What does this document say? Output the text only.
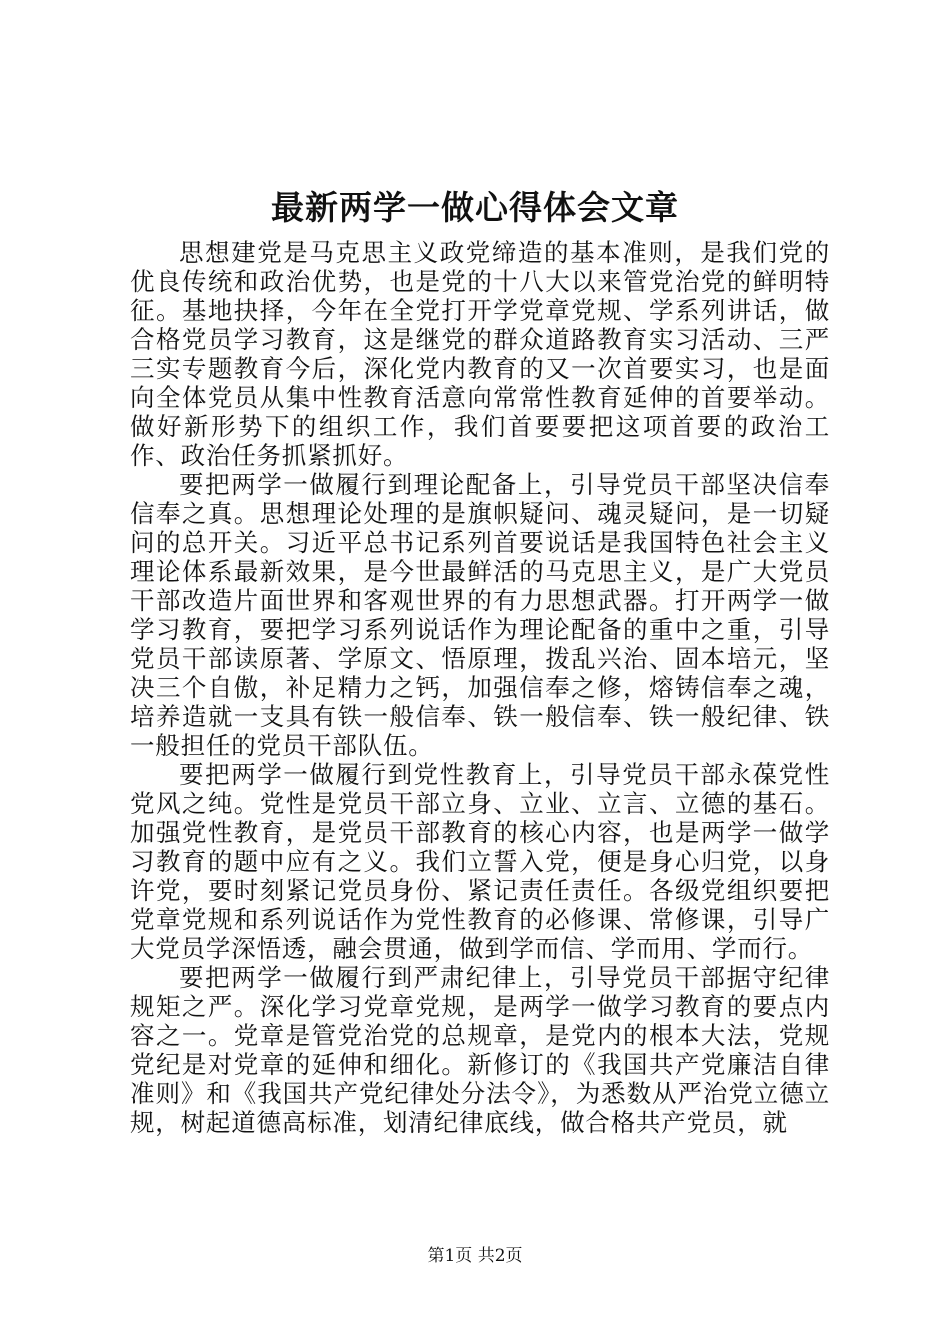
最新两学一做心得体会文章

思想建党是马克思主义政党缔造的基本准则，是我们党的优良传统和政治优势，也是党的十八大以来管党治党的鲜明特征。基地抉择，今年在全党打开学党章党规、学系列讲话，做合格党员学习教育，这是继党的群众道路教育实习活动、三严三实专题教育今后，深化党内教育的又一次首要实习，也是面向全体党员从集中性教育活意向常常性教育延伸的首要举动。做好新形势下的组织工作，我们首要要把这项首要的政治工作、政治任务抓紧抓好。

要把两学一做履行到理论配备上，引导党员干部坚决信奉信奉之真。思想理论处理的是旗帜疑问、魂灵疑问，是一切疑问的总开关。习近平总书记系列首要说话是我国特色社会主义理论体系最新效果，是今世最鲜活的马克思主义，是广大党员干部改造片面世界和客观世界的有力思想武器。打开两学一做学习教育，要把学习系列说话作为理论配备的重中之重，引导党员干部读原著、学原文、悟原理，拨乱兴治、固本培元，坚决三个自傲，补足精力之钙，加强信奉之修，熔铸信奉之魂，培养造就一支具有铁一般信奉、铁一般信奉、铁一般纪律、铁一般担任的党员干部队伍。

要把两学一做履行到党性教育上，引导党员干部永葆党性党风之纯。党性是党员干部立身、立业、立言、立德的基石。加强党性教育，是党员干部教育的核心内容，也是两学一做学习教育的题中应有之义。我们立誓入党，便是身心归党，以身许党，要时刻紧记党员身份、紧记责任责任。各级党组织要把党章党规和系列说话作为党性教育的必修课、常修课，引导广大党员学深悟透，融会贯通，做到学而信、学而用、学而行。

要把两学一做履行到严肃纪律上，引导党员干部据守纪律规矩之严。深化学习党章党规，是两学一做学习教育的要点内容之一。党章是管党治党的总规章，是党内的根本大法，党规党纪是对党章的延伸和细化。新修订的《我国共产党廉洁自律准则》和《我国共产党纪律处分法令》，为悉数从严治党立德立规，树起道德高标准，划清纪律底线，做合格共产党员，就

第1页 共2页
